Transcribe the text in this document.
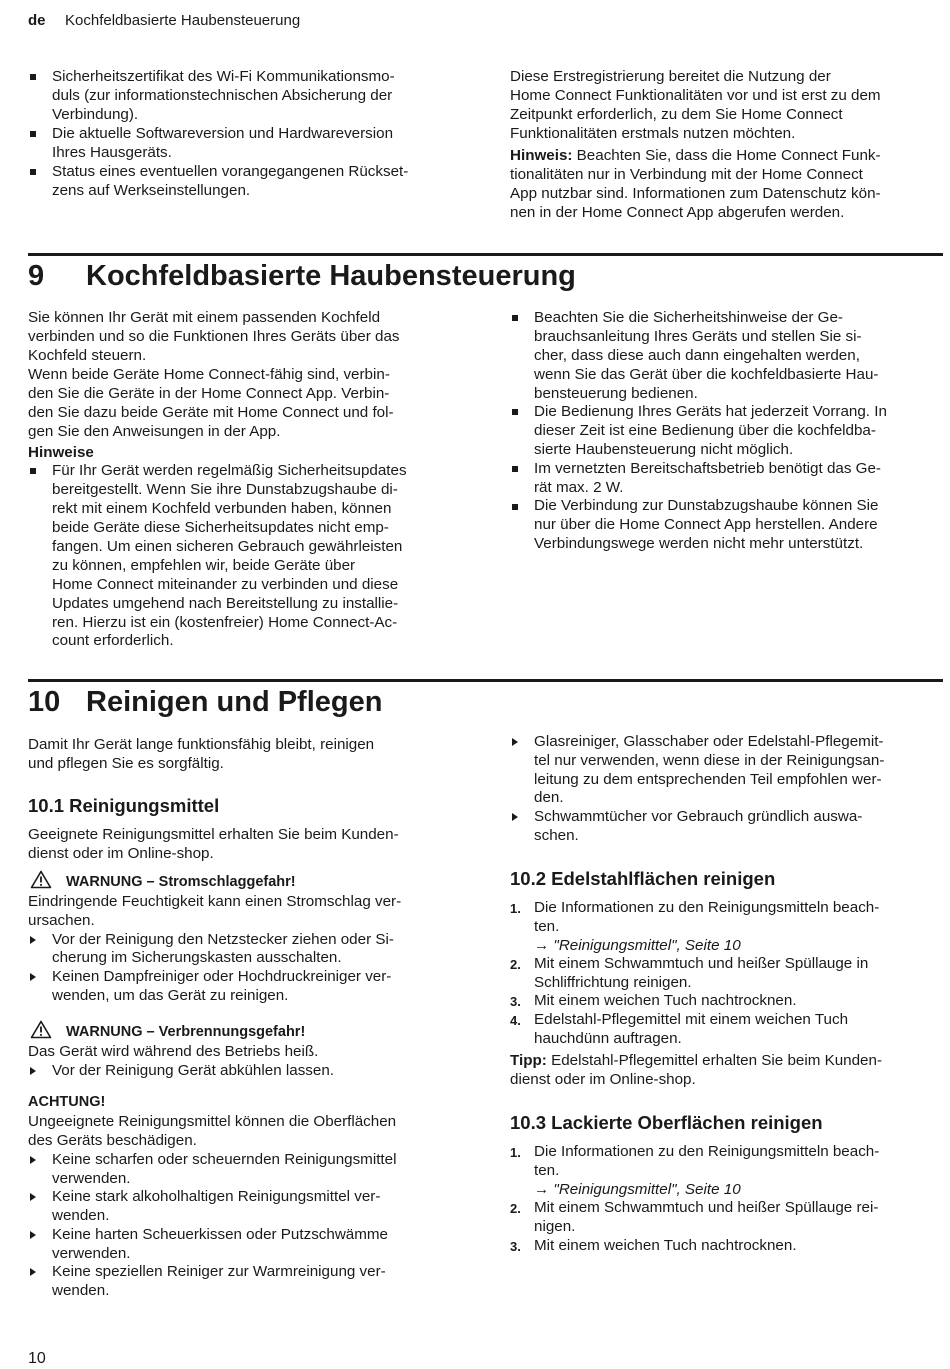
de Kochfeldbasierte Haubensteuerung
Sicherheitszertifikat des Wi-Fi Kommunikationsmo-
duls (zur informationstechnischen Absicherung der
Verbindung).
Die aktuelle Softwareversion und Hardwareversion
Ihres Hausgeräts.
Status eines eventuellen vorangegangenen Rückset-
zens auf Werkseinstellungen.
Diese Erstregistrierung bereitet die Nutzung der
Home Connect Funktionalitäten vor und ist erst zu dem
Zeitpunkt erforderlich, zu dem Sie Home Connect
Funktionalitäten erstmals nutzen möchten.
Hinweis: Beachten Sie, dass die Home Connect Funk-
tionalitäten nur in Verbindung mit der Home Connect
App nutzbar sind. Informationen zum Datenschutz kön-
nen in der Home Connect App abgerufen werden.
9 Kochfeldbasierte Haubensteuerung
Sie können Ihr Gerät mit einem passenden Kochfeld
verbinden und so die Funktionen Ihres Geräts über das
Kochfeld steuern.
Wenn beide Geräte Home Connect-fähig sind, verbin-
den Sie die Geräte in der Home Connect App. Verbin-
den Sie dazu beide Geräte mit Home Connect und fol-
gen Sie den Anweisungen in der App.
Hinweise
Für Ihr Gerät werden regelmäßig Sicherheitsupdates
bereitgestellt. Wenn Sie ihre Dunstabzugshaube di-
rekt mit einem Kochfeld verbunden haben, können
beide Geräte diese Sicherheitsupdates nicht emp-
fangen. Um einen sicheren Gebrauch gewährleisten
zu können, empfehlen wir, beide Geräte über
Home Connect miteinander zu verbinden und diese
Updates umgehend nach Bereitstellung zu installie-
ren. Hierzu ist ein (kostenfreier) Home Connect-Ac-
count erforderlich.
Beachten Sie die Sicherheitshinweise der Ge-
brauchsanleitung Ihres Geräts und stellen Sie si-
cher, dass diese auch dann eingehalten werden,
wenn Sie das Gerät über die kochfeldbasierte Hau-
bensteuerung bedienen.
Die Bedienung Ihres Geräts hat jederzeit Vorrang. In
dieser Zeit ist eine Bedienung über die kochfeldba-
sierte Haubensteuerung nicht möglich.
Im vernetzten Bereitschaftsbetrieb benötigt das Ge-
rät max. 2 W.
Die Verbindung zur Dunstabzugshaube können Sie
nur über die Home Connect App herstellen. Andere
Verbindungswege werden nicht mehr unterstützt.
10 Reinigen und Pflegen
Damit Ihr Gerät lange funktionsfähig bleibt, reinigen
und pflegen Sie es sorgfältig.
10.1 Reinigungsmittel
Geeignete Reinigungsmittel erhalten Sie beim Kunden-
dienst oder im Online-shop.
WARNUNG – Stromschlaggefahr!
Eindringende Feuchtigkeit kann einen Stromschlag ver-
ursachen.
Vor der Reinigung den Netzstecker ziehen oder Si-
cherung im Sicherungskasten ausschalten.
Keinen Dampfreiniger oder Hochdruckreiniger ver-
wenden, um das Gerät zu reinigen.
WARNUNG – Verbrennungsgefahr!
Das Gerät wird während des Betriebs heiß.
Vor der Reinigung Gerät abkühlen lassen.
ACHTUNG!
Ungeeignete Reinigungsmittel können die Oberflächen
des Geräts beschädigen.
Keine scharfen oder scheuernden Reinigungsmittel
verwenden.
Keine stark alkoholhaltigen Reinigungsmittel ver-
wenden.
Keine harten Scheuerkissen oder Putzschwämme
verwenden.
Keine speziellen Reiniger zur Warmreinigung ver-
wenden.
Glasreiniger, Glasschaber oder Edelstahl-Pflegemit-
tel nur verwenden, wenn diese in der Reinigungsan-
leitung zu dem entsprechenden Teil empfohlen wer-
den.
Schwammtücher vor Gebrauch gründlich auswa-
schen.
10.2 Edelstahlflächen reinigen
1. Die Informationen zu den Reinigungsmitteln beach-
ten.
→ "Reinigungsmittel", Seite 10
2. Mit einem Schwammtuch und heißer Spüllauge in
Schliffrichtung reinigen.
3. Mit einem weichen Tuch nachtrocknen.
4. Edelstahl-Pflegemittel mit einem weichen Tuch
hauchdünn auftragen.
Tipp: Edelstahl-Pflegemittel erhalten Sie beim Kunden-
dienst oder im Online-shop.
10.3 Lackierte Oberflächen reinigen
1. Die Informationen zu den Reinigungsmitteln beach-
ten.
→ "Reinigungsmittel", Seite 10
2. Mit einem Schwammtuch und heißer Spüllauge rei-
nigen.
3. Mit einem weichen Tuch nachtrocknen.
10
